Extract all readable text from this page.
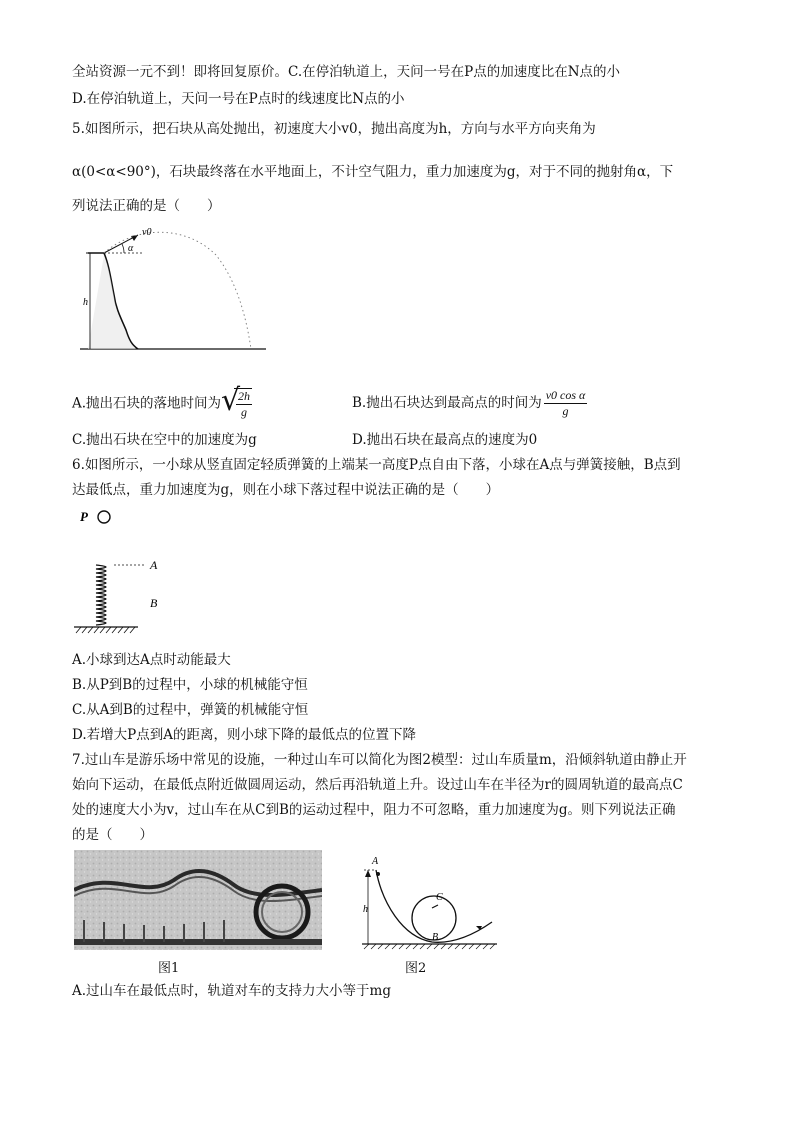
全站资源一元不到！即将回复原价。C.在停泊轨道上，天问一号在P点的加速度比在N点的小
D.在停泊轨道上，天问一号在P点时的线速度比N点的小
5.如图所示，把石块从高处抛出，初速度大小v0，抛出高度为h，方向与水平方向夹角为
α(0<α<90°)，石块最终落在水平地面上，不计空气阻力，重力加速度为g，对于不同的抛射角α，下
列说法正确的是（　　）
v0
α
h
A.抛出石块的落地时间为 √
$\frac{2h}{g}$	B.抛出石块达到最高点的时间为 $\frac{\text{v0 cos α}}{g}$
C.抛出石块在空中的加速度为g	D.抛出石块在最高点的速度为0
6.如图所示，一小球从竖直固定轻质弹簧的上端某一高度P点自由下落，小球在A点与弹簧接触，B点到
达最低点，重力加速度为g，则在小球下落过程中说法正确的是（　　）
P
A
B
A.小球到达A点时动能最大
B.从P到B的过程中，小球的机械能守恒
C.从A到B的过程中，弹簧的机械能守恒
D.若增大P点到A的距离，则小球下降的最低点的位置下降
7.过山车是游乐场中常见的设施，一种过山车可以简化为图2模型：过山车质量m，沿倾斜轨道由静止开
始向下运动，在最低点附近做圆周运动，然后再沿轨道上升。设过山车在半径为r的圆周轨道的最高点C
处的速度大小为v，过山车在从C到B的运动过程中，阻力不可忽略，重力加速度为g。则下列说法正确
的是（　　）
图1
h
A
C
B
图2
A.过山车在最低点时，轨道对车的支持力大小等于mg
